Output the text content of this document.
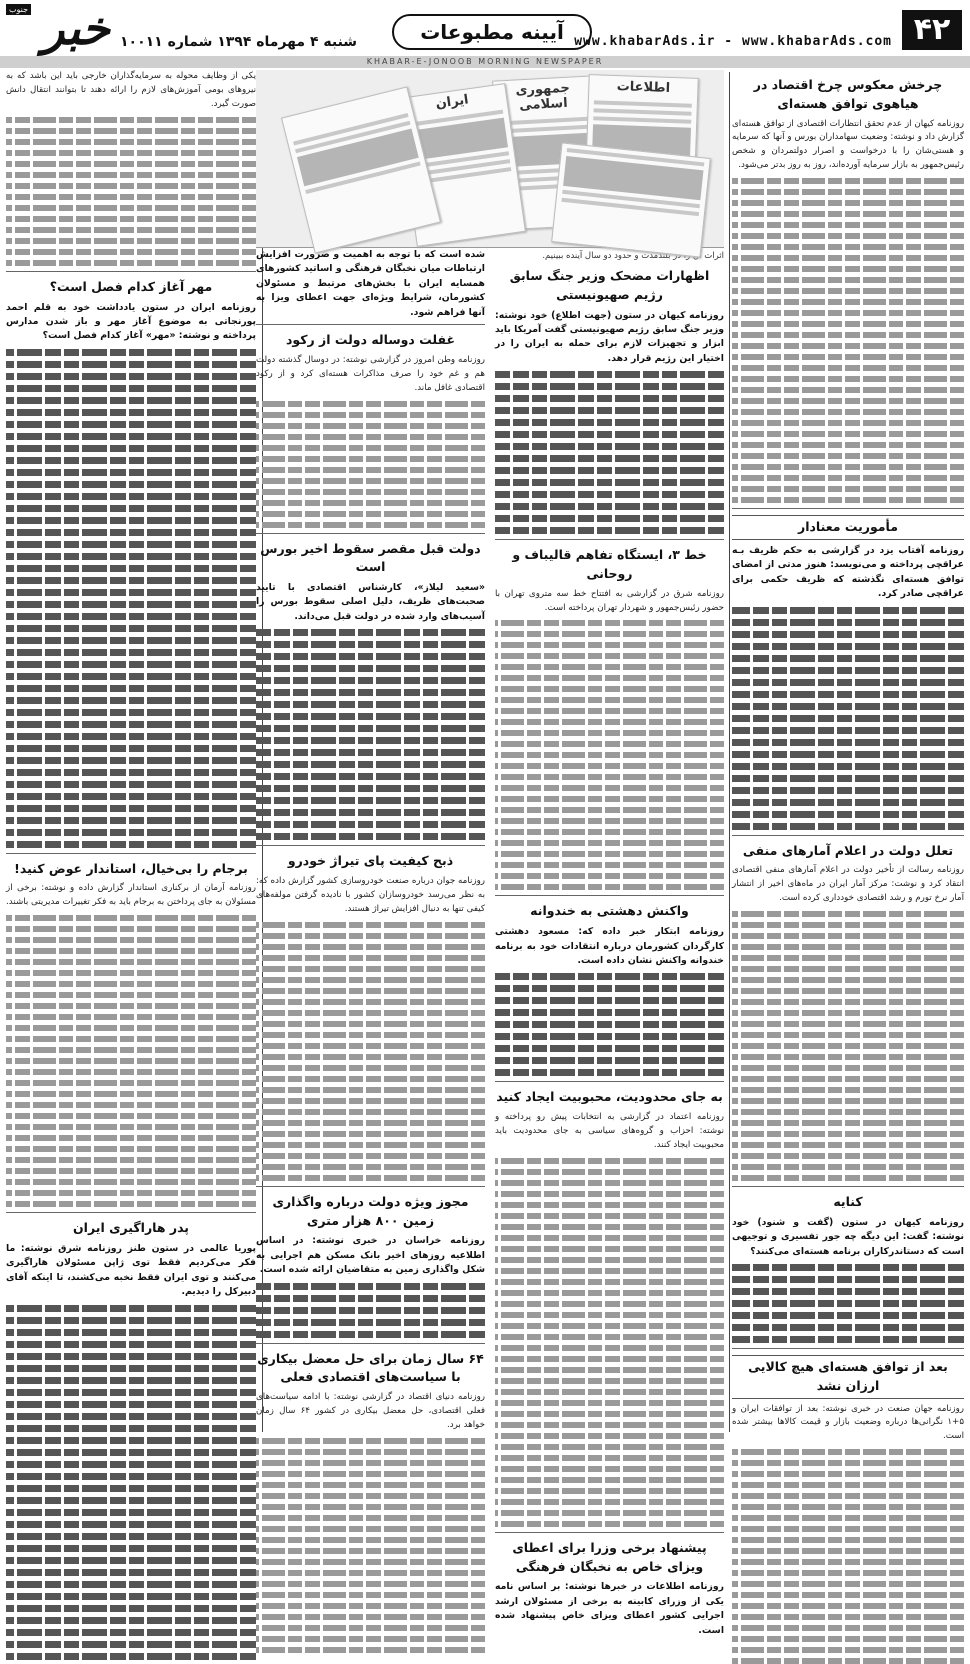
۴۲
www.khabarAds.ir - www.khabarAds.com
آیینه مطبوعات
شنبه ۴ مهرماه ۱۳۹۴ شماره ۱۰۰۱۱
جنوب خبر
KHABAR-E-JONOOB MORNING NEWSPAPER
چرخش معکوس چرخ اقتصاد در هیاهوی توافق هسته‌ای
روزنامه کیهان از عدم تحقق انتظارات اقتصادی از توافق هسته‌ای گزارش داد و نوشته: وضعیت سهامداران بورس و آنها که سرمایه و هستی‌شان را با درخواست و اصرار دولتمردان و شخص رئیس‌جمهور به بازار سرمایه آورده‌اند، روز به روز بدتر می‌شود.
مأموریت معنادار
روزنامه آفتاب یزد در گزارشی به حکم ظریف بـه عراقچی پرداخته و می‌نویسد: هنوز مدتی از امضای توافق هسته‌ای نگذشته که ظریف حکمی برای عراقچی صادر کرد.
تعلل دولت در اعلام آمارهای منفی
روزنامه رسالت از تأخیر دولت در اعلام آمارهای منفی اقتصادی انتقاد کرد و نوشت: مرکز آمار ایران در ماه‌های اخیر از انتشار آمار نرخ تورم و رشد اقتصادی خودداری کرده است.
کنایه
روزنامه کیهان در ستون (گفت و شنود) خود نوشته: گفت: این دیگه چه جور تفسیری و توجیهی است که دستاندرکاران برنامه هسته‌ای می‌کنند؟
بعد از توافق هسته‌ای هیچ کالایی ارزان نشد
روزنامه جهان صنعت در خبری نوشته: بعد از توافقات ایران و ۵+۱ نگرانی‌ها درباره وضعیت بازار و قیمت کالاها بیشتر شده است.
جمهوری اسلامی
اطلاعات
ایران

اثرات آن را در بلندمدت و حدود دو سال آینده ببینیم.
اظهارات مضحک وزیر جنگ سابق رژیم صهیونیستی
روزنامه کیهان در ستون (جهت اطلاع) خود نوشته: وزیر جنگ سابق رژیم صهیونیستی گفت آمریکا باید ابزار و تجهیزات لازم برای حمله به ایران را در اختیار این رژیم قرار دهد.
خط ۳، ایستگاه تفاهم قالیباف و روحانی
روزنامه شرق در گزارشی به افتتاح خط سه متروی تهران با حضور رئیس‌جمهور و شهردار تهران پرداخته است.
واکنش دهشتی به خندوانه
روزنامه ابتکار خبر داده که: مسعود دهشتی کارگردان کشورمان درباره انتقادات خود به برنامه خندوانه واکنش نشان داده است.
به جای محدودیت، محبوبیت ایجاد کنید
روزنامه اعتماد در گزارشی به انتخابات پیش رو پرداخته و نوشته: احزاب و گروه‌های سیاسی به جای محدودیت باید محبوبیت ایجاد کنند.
پیشنهاد برخی وزرا برای اعطای ویزای خاص به نخبگان فرهنگی
روزنامه اطلاعات در خبرها نوشته: بر اساس نامه یکی از وزرای کابینه به برخی از مسئولان ارشد اجرایی کشور اعطای ویزای خاص پیشنهاد شده است.
شده است که با توجه به اهمیت و ضرورت افزایش ارتباطات میان نخبگان فرهنگی و اساتید کشورهای همسایه ایران با بخش‌های مرتبط و مسئولان کشورمان، شرایط ویژه‌ای جهت اعطای ویزا به آنها فراهم شود.
غفلت دوساله دولت از رکود
روزنامه وطن امروز در گزارشی نوشته: در دوسال گذشته دولت هم و غم خود را صرف مذاکرات هسته‌ای کرد و از رکود اقتصادی غافل ماند.
دولت قبل مقصر سقوط اخیر بورس است
«سعید لیلاز»، کارشناس اقتصادی با تایید صحبت‌های ظریف، دلیل اصلی سقوط بورس را آسیب‌های وارد شده در دولت قبل می‌داند.
ذبح کیفیت پای تیراژ خودرو
روزنامه جوان درباره صنعت خودروسازی کشور گزارش داده که: به نظر می‌رسد خودروسازان کشور با نادیده گرفتن مولفه‌های کیفی تنها به دنبال افزایش تیراژ هستند.
مجوز ویژه دولت درباره واگذاری زمین ۸۰۰ هزار متری
روزنامه خراسان در خبری نوشته: در اساس اطلاعیه روزهای اخیر بانک مسکن هم اجرایی به شکل واگذاری زمین به متقاضیان ارائه شده است.
۶۴ سال زمان برای حل معضل بیکاری با سیاست‌های اقتصادی فعلی
روزنامه دنیای اقتصاد در گزارشی نوشته: با ادامه سیاست‌های فعلی اقتصادی، حل معضل بیکاری در کشور ۶۴ سال زمان خواهد برد.
یکی از وظایف محوله به سرمایه‌گذاران خارجی باید این باشد که به نیروهای بومی آموزش‌های لازم را ارائه دهند تا بتوانند انتقال دانش صورت گیرد.
مهر آغاز کدام فصل است؟
روزنامه ایران در ستون یادداشت خود به قلم احمد پورنجاتی به موضوع آغاز مهر و باز شدن مدارس پرداخته و نوشته: «مهر» آغاز کدام فصل است؟
برجام را بی‌خیال، استاندار عوض کنید!
روزنامه آرمان از برکناری استاندار گزارش داده و نوشته: برخی از مسئولان به جای پرداختن به برجام باید به فکر تغییرات مدیریتی باشند.
پدر هاراگیری ایران
پوریا عالمی در ستون طنز روزنامه شرق نوشته: ما فکر می‌کردیم فقط توی ژاپن مسئولان هاراگیری می‌کنند و توی ایران فقط نخبه می‌کشند، تا اینکه آقای دبیرکل را دیدیم.
